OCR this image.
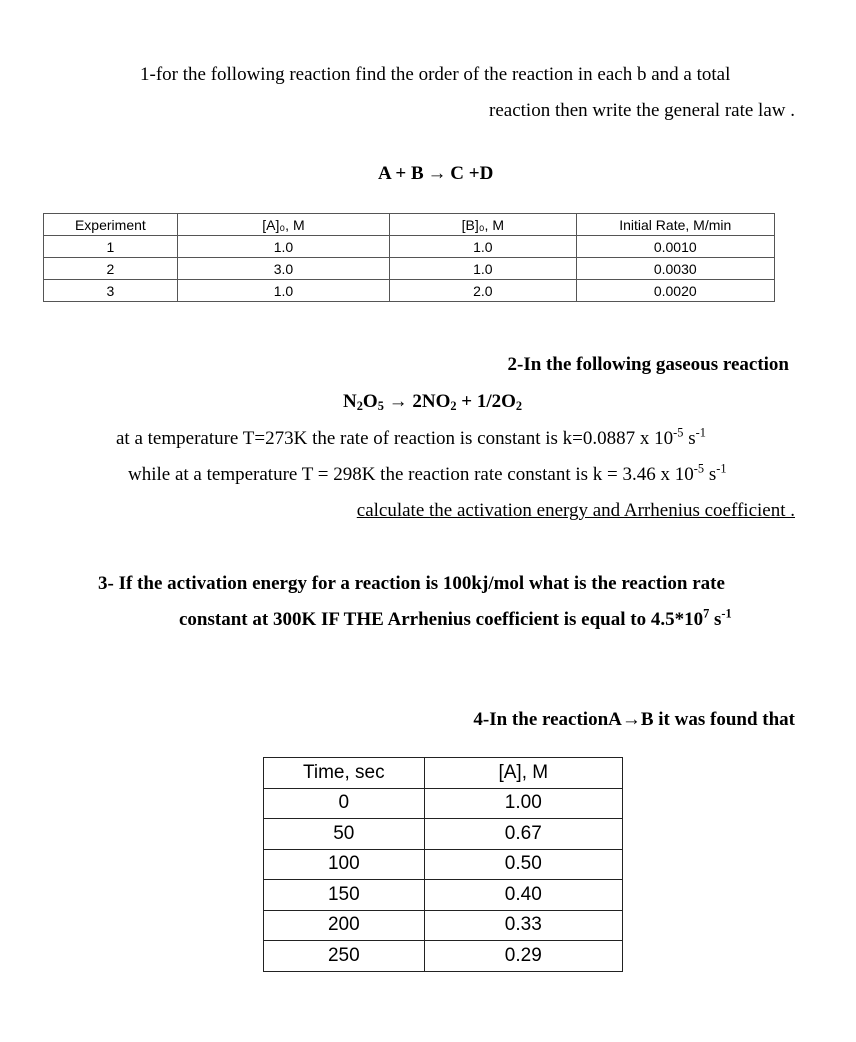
1-for the following reaction find the order of the reaction in each b and a total
reaction then write the general rate law .
A + B → C +D
Experiment	[A]₀, M	[B]₀, M	Initial Rate, M/min
1	1.0	1.0	0.0010
2	3.0	1.0	0.0030
3	1.0	2.0	0.0020
2-In the following gaseous reaction
$N_2O_5 \to 2NO_2 + 1/2O_2$
at a temperature T=273K the rate of reaction is constant is k=0.0887 x $10^{-5}$ $s^{-1}$
while at a temperature T = 298K the reaction rate constant is k = 3.46 x $10^{-5}$ $s^{-1}$
calculate the activation energy and Arrhenius coefficient .
3- If the activation energy for a reaction is 100kj/mol what is the reaction rate
constant at 300K IF THE Arrhenius coefficient is equal to $4.5*10^7$ $s^{-1}$
4-In the reactionA→B it was found that
Time, sec	[A], M
0	1.00
50	0.67
100	0.50
150	0.40
200	0.33
250	0.29
